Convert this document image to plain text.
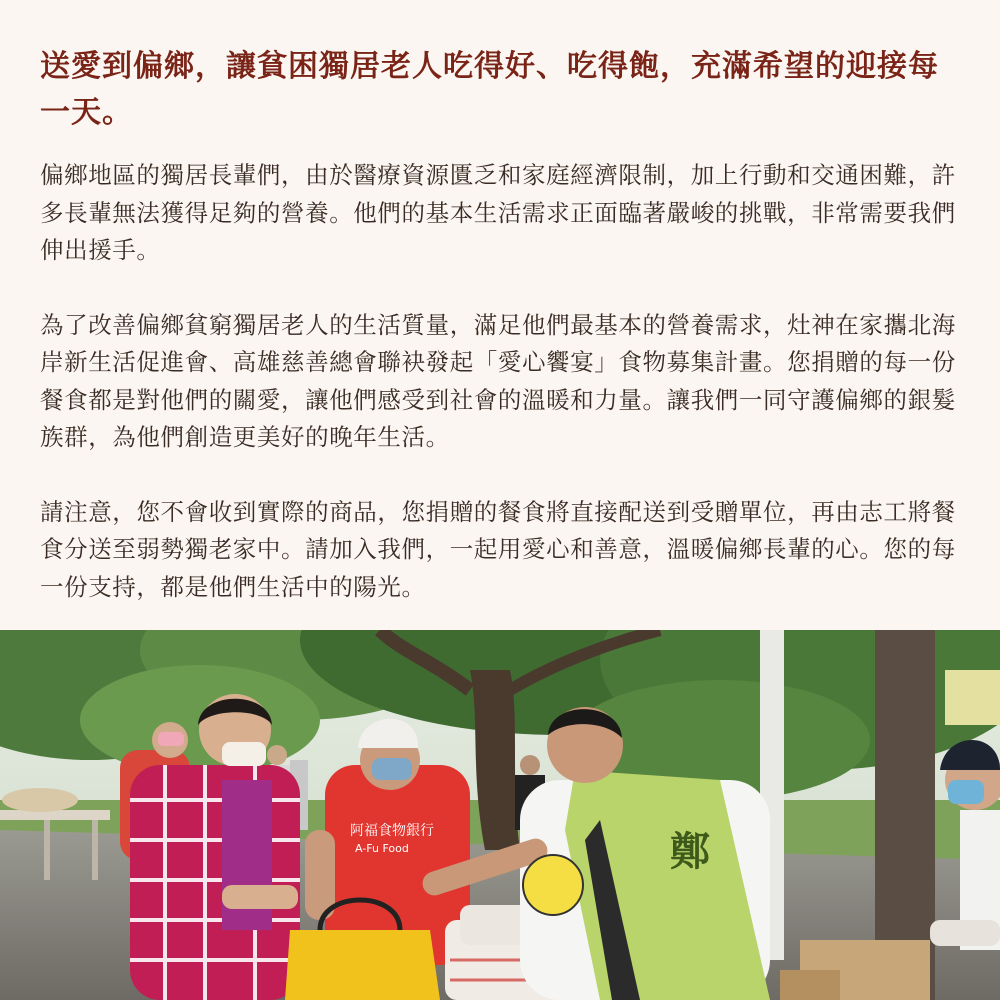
送愛到偏鄉，讓貧困獨居老人吃得好、吃得飽，充滿希望的迎接每一天。

偏鄉地區的獨居長輩們，由於醫療資源匱乏和家庭經濟限制，加上行動和交通困難，許多長輩無法獲得足夠的營養。他們的基本生活需求正面臨著嚴峻的挑戰，非常需要我們伸出援手。

為了改善偏鄉貧窮獨居老人的生活質量，滿足他們最基本的營養需求，灶神在家攜北海岸新生活促進會、高雄慈善總會聯袂發起「愛心饗宴」食物募集計畫。您捐贈的每一份餐食都是對他們的關愛，讓他們感受到社會的溫暖和力量。讓我們一同守護偏鄉的銀髮族群，為他們創造更美好的晚年生活。

請注意，您不會收到實際的商品，您捐贈的餐食將直接配送到受贈單位，再由志工將餐食分送至弱勢獨老家中。請加入我們，一起用愛心和善意，溫暖偏鄉長輩的心。您的每一份支持，都是他們生活中的陽光。

阿福食物銀行
A-Fu Food	鄭
